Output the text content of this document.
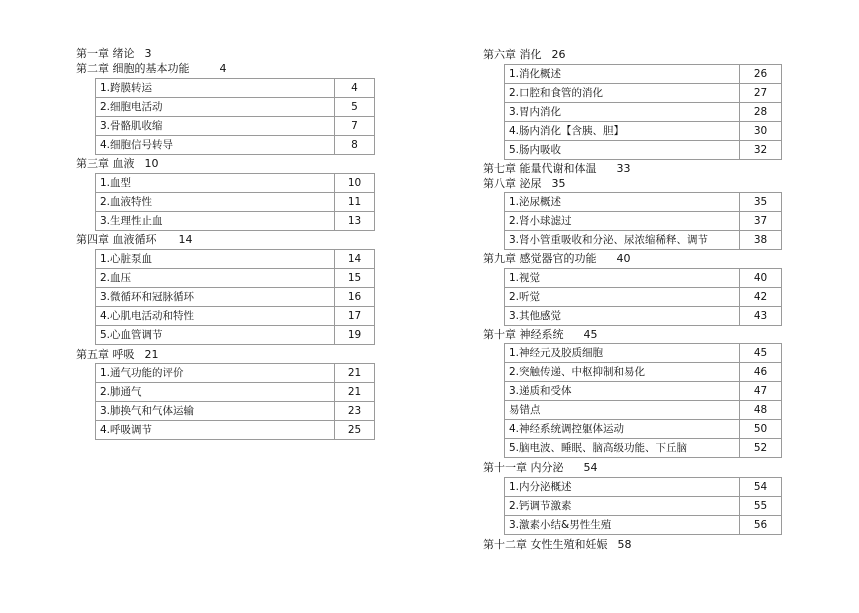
第一章 绪论 3
第二章 细胞的基本功能	4
1.跨膜转运	4
2.细胞电活动	5
3.骨骼肌收缩	7
4.细胞信号转导	8
第三章 血液 10
1.血型	10
2.血液特性	11
3.生理性止血	13
第四章 血液循环 14
1.心脏泵血	14
2.血压	15
3.微循环和冠脉循环	16
4.心肌电活动和特性	17
5.心血管调节	19
第五章 呼吸 21
1.通气功能的评价	21
2.肺通气	21
3.肺换气和气体运输	23
4.呼吸调节	25
第六章 消化 26
1.消化概述	26
2.口腔和食管的消化	27
3.胃内消化	28
4.肠内消化【含胰、胆】	30
5.肠内吸收	32
第七章 能量代谢和体温 33
第八章 泌尿 35
1.泌尿概述	35
2.肾小球滤过	37
3.肾小管重吸收和分泌、尿浓缩稀释、调节	38
第九章 感觉器官的功能 40
1.视觉	40
2.听觉	42
3.其他感觉	43
第十章 神经系统 45
1.神经元及胶质细胞	45
2.突触传递、中枢抑制和易化	46
3.递质和受体	47
易错点	48
4.神经系统调控躯体运动	50
5.脑电波、睡眠、脑高级功能、下丘脑	52
第十一章 内分泌 54
1.内分泌概述	54
2.钙调节激素	55
3.激素小结&男性生殖	56
第十二章 女性生殖和妊娠 58
